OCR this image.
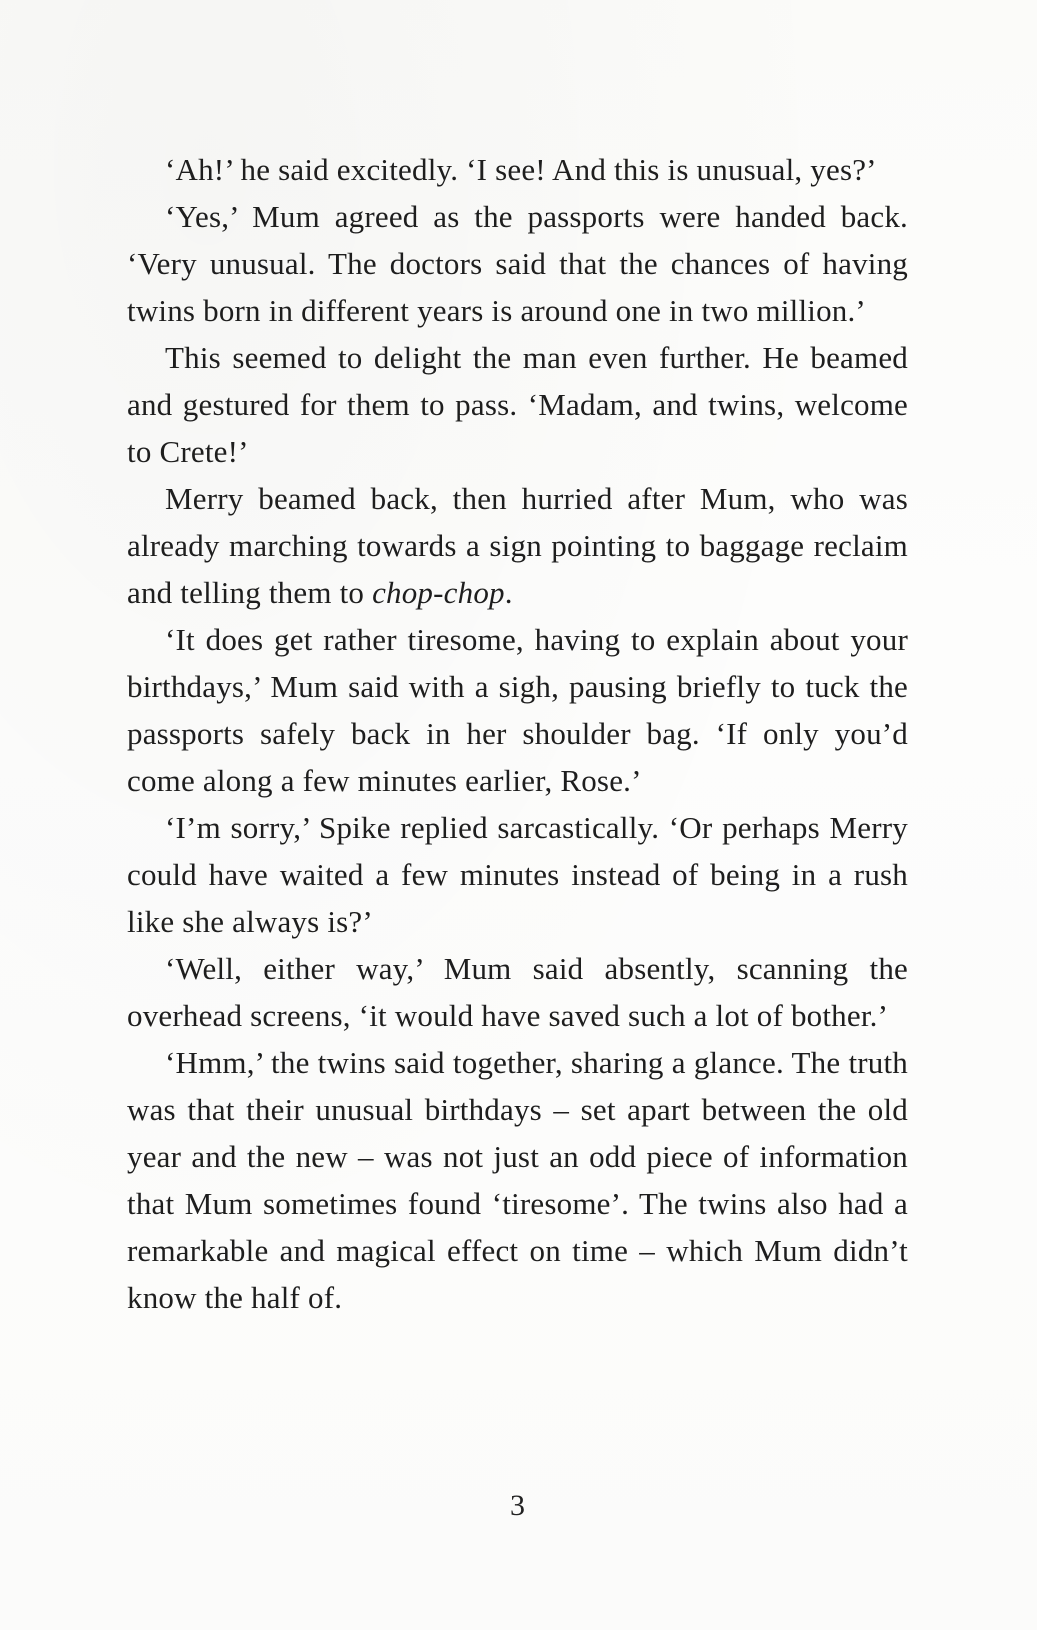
‘Ah!’ he said excitedly. ‘I see! And this is unusual, yes?’

‘Yes,’ Mum agreed as the passports were handed back. ‘Very unusual. The doctors said that the chances of having twins born in different years is around one in two million.’

This seemed to delight the man even further. He beamed and gestured for them to pass. ‘Madam, and twins, welcome to Crete!’

Merry beamed back, then hurried after Mum, who was already marching towards a sign pointing to baggage reclaim and telling them to chop-chop.

‘It does get rather tiresome, having to explain about your birthdays,’ Mum said with a sigh, pausing briefly to tuck the passports safely back in her shoulder bag. ‘If only you’d come along a few minutes earlier, Rose.’

‘I’m sorry,’ Spike replied sarcastically. ‘Or perhaps Merry could have waited a few minutes instead of being in a rush like she always is?’

‘Well, either way,’ Mum said absently, scanning the overhead screens, ‘it would have saved such a lot of bother.’

‘Hmm,’ the twins said together, sharing a glance. The truth was that their unusual birthdays – set apart between the old year and the new – was not just an odd piece of information that Mum sometimes found ‘tiresome’. The twins also had a remarkable and magical effect on time – which Mum didn’t know the half of.

3
